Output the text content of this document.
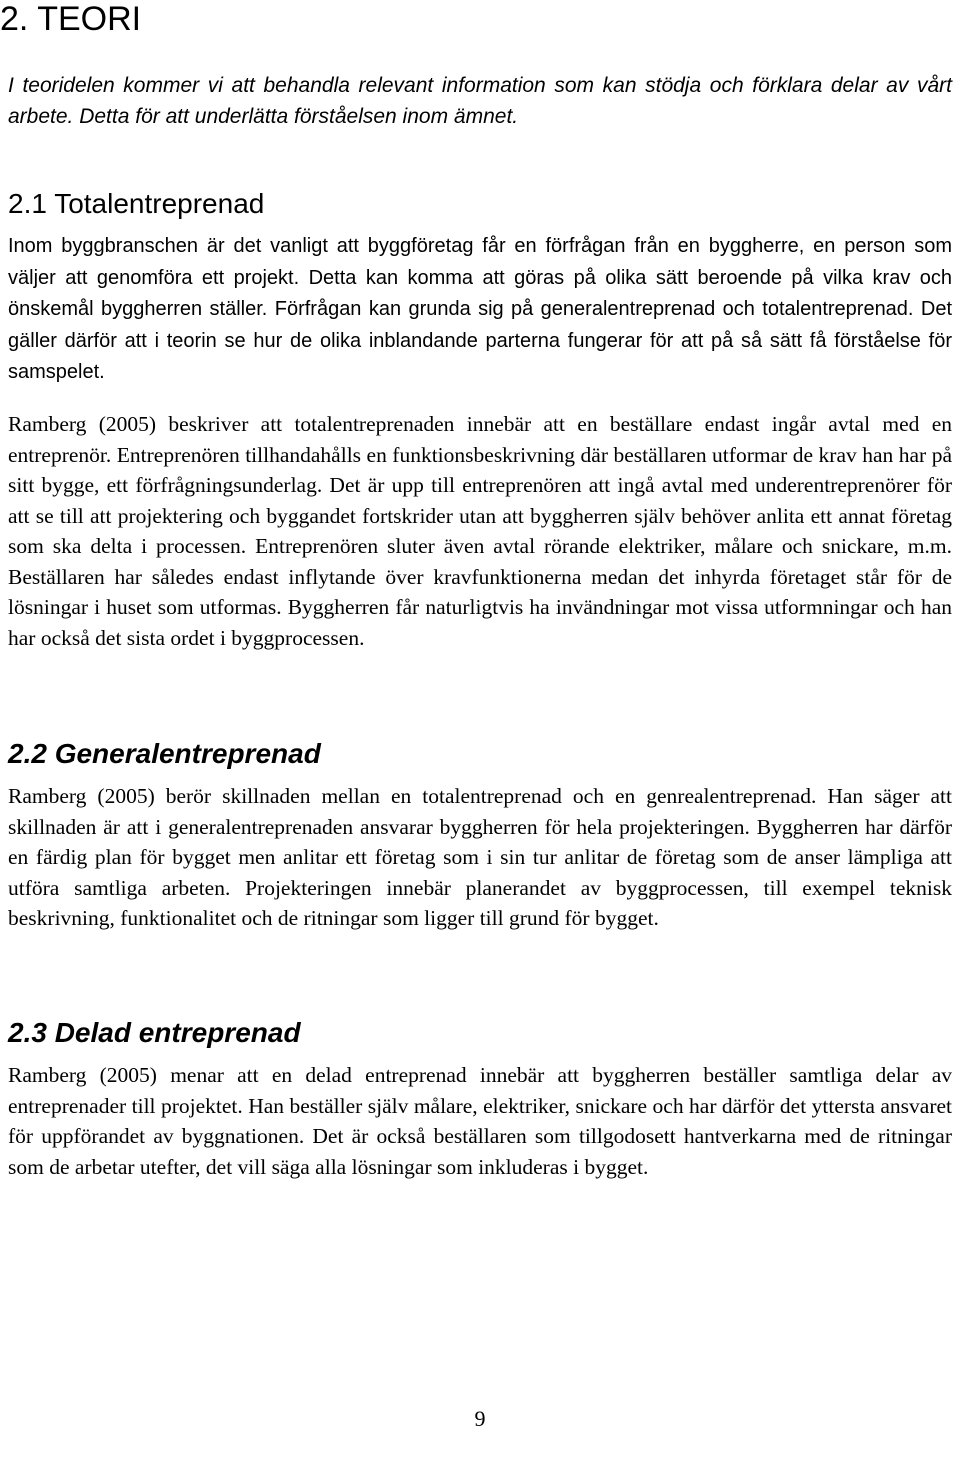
2. TEORI

I teoridelen kommer vi att behandla relevant information som kan stödja och förklara delar av vårt arbete. Detta för att underlätta förståelsen inom ämnet.

2.1 Totalentreprenad

Inom byggbranschen är det vanligt att byggföretag får en förfrågan från en byggherre, en person som väljer att genomföra ett projekt. Detta kan komma att göras på olika sätt beroende på vilka krav och önskemål byggherren ställer. Förfrågan kan grunda sig på generalentreprenad och totalentreprenad. Det gäller därför att i teorin se hur de olika inblandande parterna fungerar för att på så sätt få förståelse för samspelet.

Ramberg (2005) beskriver att totalentreprenaden innebär att en beställare endast ingår avtal med en entreprenör. Entreprenören tillhandahålls en funktionsbeskrivning där beställaren utformar de krav han har på sitt bygge, ett förfrågningsunderlag. Det är upp till entreprenören att ingå avtal med underentreprenörer för att se till att projektering och byggandet fortskrider utan att byggherren själv behöver anlita ett annat företag som ska delta i processen. Entreprenören sluter även avtal rörande elektriker, målare och snickare, m.m. Beställaren har således endast inflytande över kravfunktionerna medan det inhyrda företaget står för de lösningar i huset som utformas. Byggherren får naturligtvis ha invändningar mot vissa utformningar och han har också det sista ordet i byggprocessen.

2.2 Generalentreprenad

Ramberg (2005) berör skillnaden mellan en totalentreprenad och en genrealentreprenad. Han säger att skillnaden är att i generalentreprenaden ansvarar byggherren för hela projekteringen. Byggherren har därför en färdig plan för bygget men anlitar ett företag som i sin tur anlitar de företag som de anser lämpliga att utföra samtliga arbeten. Projekteringen innebär planerandet av byggprocessen, till exempel teknisk beskrivning, funktionalitet och de ritningar som ligger till grund för bygget.

2.3 Delad entreprenad

Ramberg (2005) menar att en delad entreprenad innebär att byggherren beställer samtliga delar av entreprenader till projektet. Han beställer själv målare, elektriker, snickare och har därför det yttersta ansvaret för uppförandet av byggnationen. Det är också beställaren som tillgodosett hantverkarna med de ritningar som de arbetar utefter, det vill säga alla lösningar som inkluderas i bygget.

9
